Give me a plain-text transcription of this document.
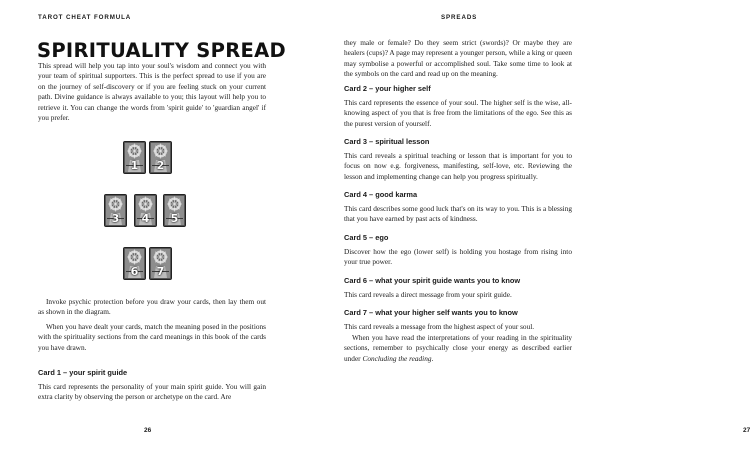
TAROT CHEAT FORMULA
SPIRITUALITY SPREAD

This spread will help you tap into your soul's wisdom and connect you with your team of spiritual supporters. This is the perfect spread to use if you are on the journey of self-discovery or if you are feeling stuck on your current path. Divine guidance is always available to you; this layout will help you to retrieve it. You can change the words from 'spirit guide' to 'guardian angel' if you prefer.

1	2
3	4	5
6	7

Invoke psychic protection before you draw your cards, then lay them out as shown in the diagram.

When you have dealt your cards, match the meaning posed in the positions with the spirituality sections from the card meanings in this book of the cards you have drawn.

Card 1 – your spirit guide

This card represents the personality of your main spirit guide. You will gain extra clarity by observing the person or archetype on the card. Are

26
SPREADS

they male or female? Do they seem strict (swords)? Or maybe they are healers (cups)? A page may represent a younger person, while a king or queen may symbolise a powerful or accomplished soul. Take some time to look at the symbols on the card and read up on the meaning.

Card 2 – your higher self

This card represents the essence of your soul. The higher self is the wise, all-knowing aspect of you that is free from the limitations of the ego. See this as the purest version of yourself.

Card 3 – spiritual lesson

This card reveals a spiritual teaching or lesson that is important for you to focus on now e.g. forgiveness, manifesting, self-love, etc. Reviewing the lesson and implementing change can help you progress spiritually.

Card 4 – good karma

This card describes some good luck that's on its way to you. This is a blessing that you have earned by past acts of kindness.

Card 5 – ego

Discover how the ego (lower self) is holding you hostage from rising into your true power.

Card 6 – what your spirit guide wants you to know

This card reveals a direct message from your spirit guide.

Card 7 – what your higher self wants you to know

This card reveals a message from the highest aspect of your soul.

When you have read the interpretations of your reading in the spirituality sections, remember to psychically close your energy as described earlier under Concluding the reading.

27
